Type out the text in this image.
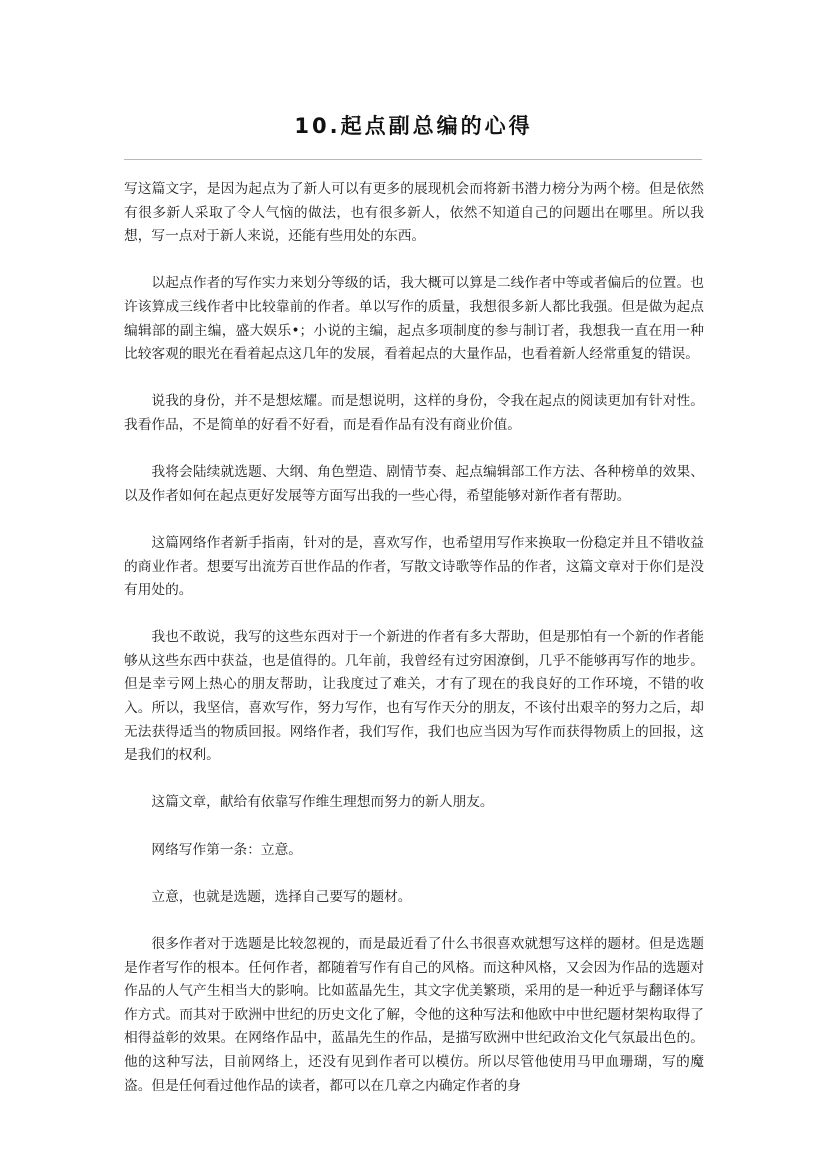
10.起点副总编的心得

写这篇文字，是因为起点为了新人可以有更多的展现机会而将新书潜力榜分为两个榜。但是依然有很多新人采取了令人气恼的做法，也有很多新人，依然不知道自己的问题出在哪里。所以我想，写一点对于新人来说，还能有些用处的东西。

以起点作者的写作实力来划分等级的话，我大概可以算是二线作者中等或者偏后的位置。也许该算成三线作者中比较靠前的作者。单以写作的质量，我想很多新人都比我强。但是做为起点编辑部的副主编，盛大娱乐•；小说的主编，起点多项制度的参与制订者，我想我一直在用一种比较客观的眼光在看着起点这几年的发展，看着起点的大量作品，也看着新人经常重复的错误。

说我的身份，并不是想炫耀。而是想说明，这样的身份，令我在起点的阅读更加有针对性。我看作品，不是简单的好看不好看，而是看作品有没有商业价值。

我将会陆续就选题、大纲、角色塑造、剧情节奏、起点编辑部工作方法、各种榜单的效果、以及作者如何在起点更好发展等方面写出我的一些心得，希望能够对新作者有帮助。

这篇网络作者新手指南，针对的是，喜欢写作，也希望用写作来换取一份稳定并且不错收益的商业作者。想要写出流芳百世作品的作者，写散文诗歌等作品的作者，这篇文章对于你们是没有用处的。

我也不敢说，我写的这些东西对于一个新进的作者有多大帮助，但是那怕有一个新的作者能够从这些东西中获益，也是值得的。几年前，我曾经有过穷困潦倒，几乎不能够再写作的地步。但是幸亏网上热心的朋友帮助，让我度过了难关，才有了现在的我良好的工作环境，不错的收入。所以，我坚信，喜欢写作，努力写作，也有写作天分的朋友，不该付出艰辛的努力之后，却无法获得适当的物质回报。网络作者，我们写作，我们也应当因为写作而获得物质上的回报，这是我们的权利。

这篇文章，献给有依靠写作维生理想而努力的新人朋友。

网络写作第一条：立意。

立意，也就是选题，选择自己要写的题材。

很多作者对于选题是比较忽视的，而是最近看了什么书很喜欢就想写这样的题材。但是选题是作者写作的根本。任何作者，都随着写作有自己的风格。而这种风格，又会因为作品的选题对作品的人气产生相当大的影响。比如蓝晶先生，其文字优美繁琐，采用的是一种近乎与翻译体写作方式。而其对于欧洲中世纪的历史文化了解，令他的这种写法和他欧中中世纪题材架构取得了相得益彰的效果。在网络作品中，蓝晶先生的作品，是描写欧洲中世纪政治文化气氛最出色的。他的这种写法，目前网络上，还没有见到作者可以模仿。所以尽管他使用马甲血珊瑚，写的魔盗。但是任何看过他作品的读者，都可以在几章之内确定作者的身
